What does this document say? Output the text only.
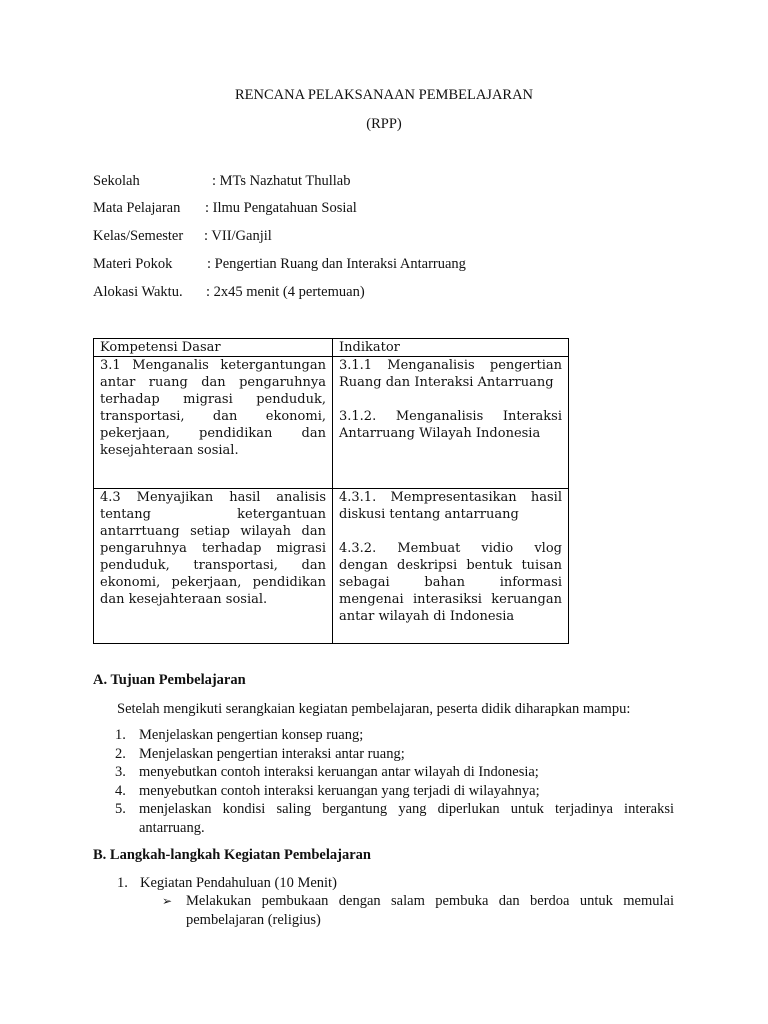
RENCANA PELAKSANAAN PEMBELAJARAN
(RPP)
Sekolah	: MTs Nazhatut Thullab
Mata Pelajaran : Ilmu Pengatahuan Sosial
Kelas/Semester : VII/Ganjil
Materi Pokok : Pengertian Ruang dan Interaksi Antarruang
Alokasi Waktu. : 2x45 menit (4 pertemuan)
Kompetensi Dasar	Indikator

3.1 Menganalis ketergantungan antar ruang dan pengaruhnya terhadap migrasi penduduk, transportasi, dan ekonomi, pekerjaan, pendidikan dan kesejahteraan sosial.	3.1.1 Menganalisis pengertian Ruang dan Interaksi Antarruang
3.1.2. Menganalisis Interaksi Antarruang Wilayah Indonesia

4.3 Menyajikan hasil analisis tentang ketergantuan antarrtuang setiap wilayah dan pengaruhnya terhadap migrasi penduduk, transportasi, dan ekonomi, pekerjaan, pendidikan dan kesejahteraan sosial.	4.3.1. Mempresentasikan hasil diskusi tentang antarruang
4.3.2. Membuat vidio vlog dengan deskripsi bentuk tuisan sebagai bahan informasi mengenai interasiksi keruangan antar wilayah di Indonesia
A. Tujuan Pembelajaran
Setelah mengikuti serangkaian kegiatan pembelajaran, peserta didik diharapkan mampu:
1. Menjelaskan pengertian konsep ruang;
2. Menjelaskan pengertian interaksi antar ruang;
3. menyebutkan contoh interaksi keruangan antar wilayah di Indonesia;
4. menyebutkan contoh interaksi keruangan yang terjadi di wilayahnya;
5. menjelaskan kondisi saling bergantung yang diperlukan untuk terjadinya interaksi antarruang.
B. Langkah-langkah Kegiatan Pembelajaran
1. Kegiatan Pendahuluan (10 Menit)
➢ Melakukan pembukaan dengan salam pembuka dan berdoa untuk memulai pembelajaran (religius)
